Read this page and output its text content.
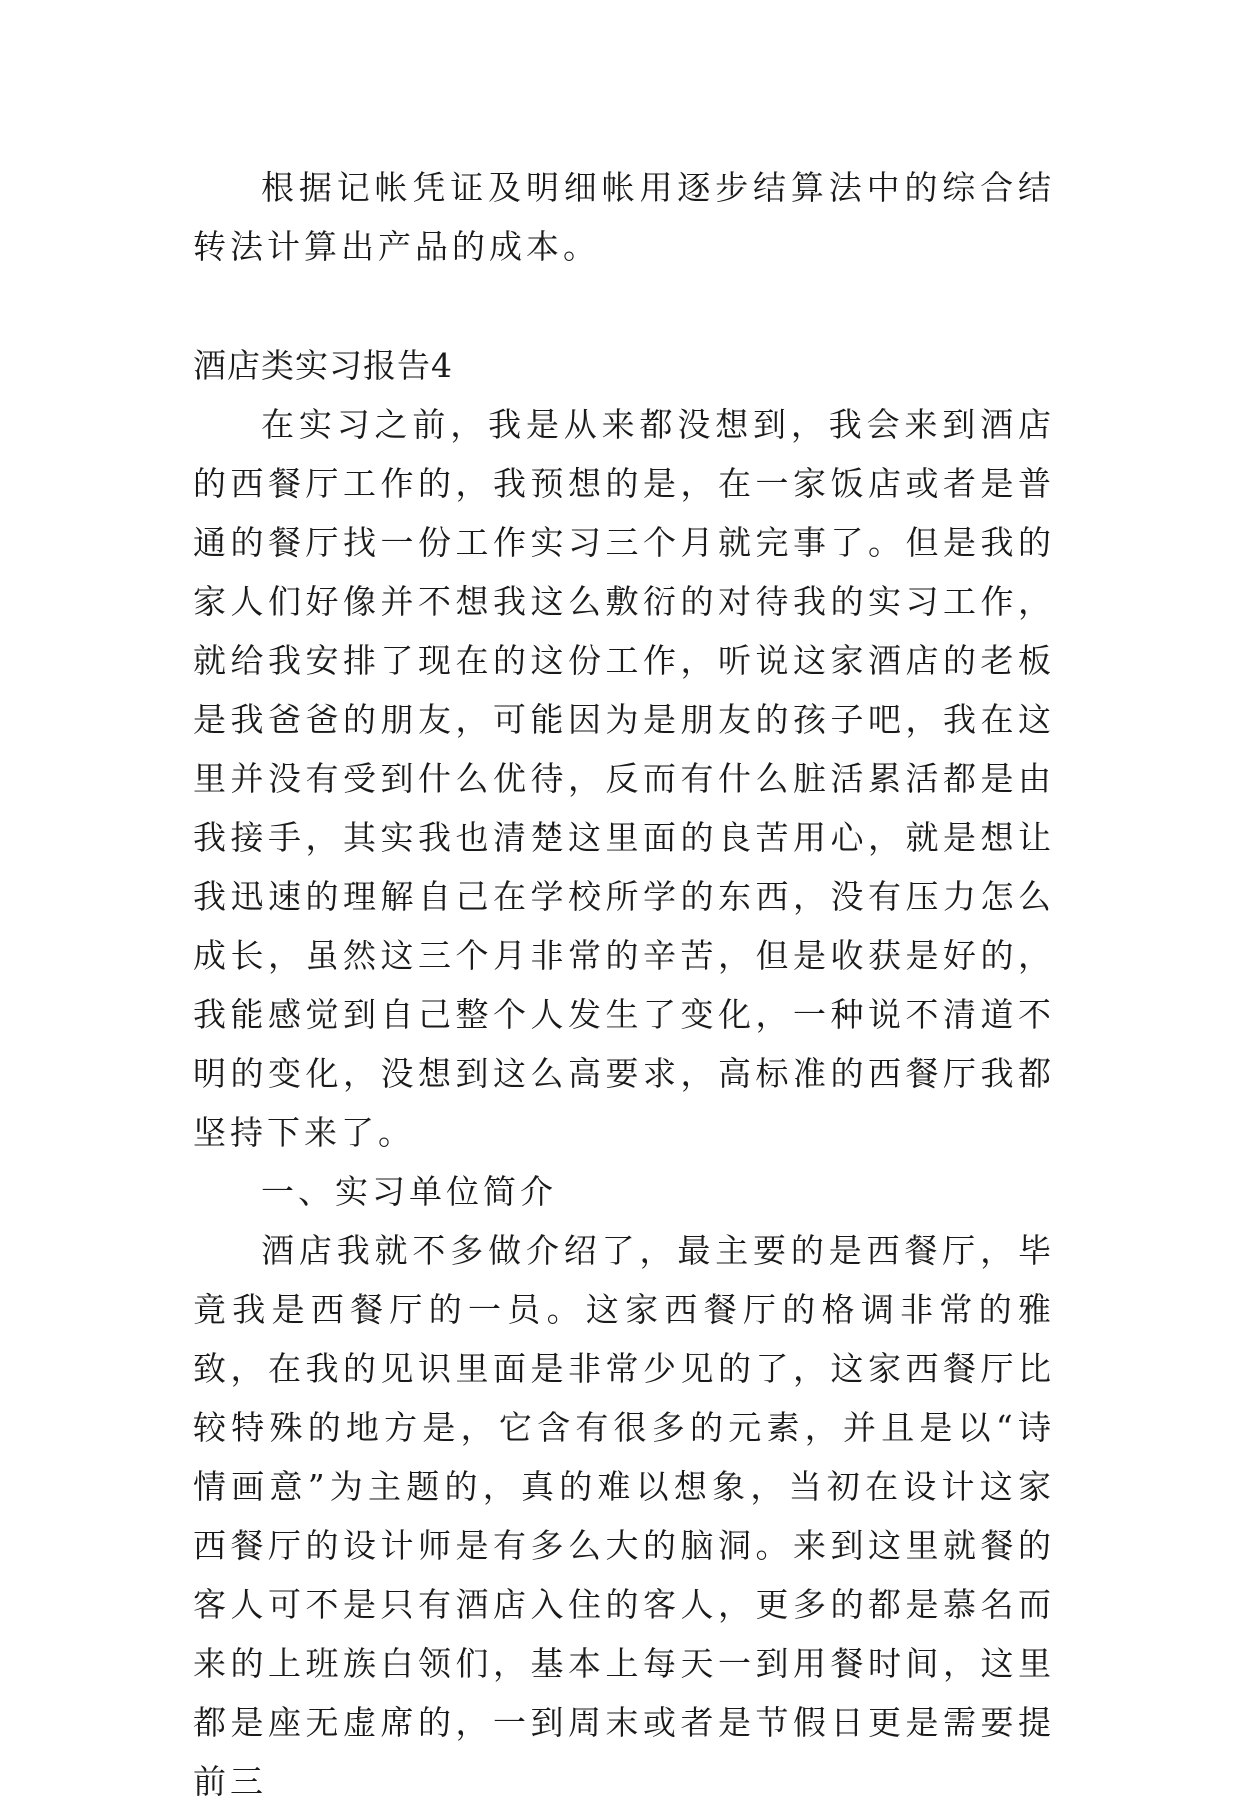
根据记帐凭证及明细帐用逐步结算法中的综合结转法计算出产品的成本。

酒店类实习报告4

在实习之前，我是从来都没想到，我会来到酒店的西餐厅工作的，我预想的是，在一家饭店或者是普通的餐厅找一份工作实习三个月就完事了。但是我的家人们好像并不想我这么敷衍的对待我的实习工作，就给我安排了现在的这份工作，听说这家酒店的老板是我爸爸的朋友，可能因为是朋友的孩子吧，我在这里并没有受到什么优待，反而有什么脏活累活都是由我接手，其实我也清楚这里面的良苦用心，就是想让我迅速的理解自己在学校所学的东西，没有压力怎么成长，虽然这三个月非常的辛苦，但是收获是好的，我能感觉到自己整个人发生了变化，一种说不清道不明的变化，没想到这么高要求，高标准的西餐厅我都坚持下来了。

一、实习单位简介

酒店我就不多做介绍了，最主要的是西餐厅，毕竟我是西餐厅的一员。这家西餐厅的格调非常的雅致，在我的见识里面是非常少见的了，这家西餐厅比较特殊的地方是，它含有很多的元素，并且是以“诗情画意”为主题的，真的难以想象，当初在设计这家西餐厅的设计师是有多么大的脑洞。来到这里就餐的客人可不是只有酒店入住的客人，更多的都是慕名而来的上班族白领们，基本上每天一到用餐时间，这里都是座无虚席的，一到周末或者是节假日更是需要提前三
